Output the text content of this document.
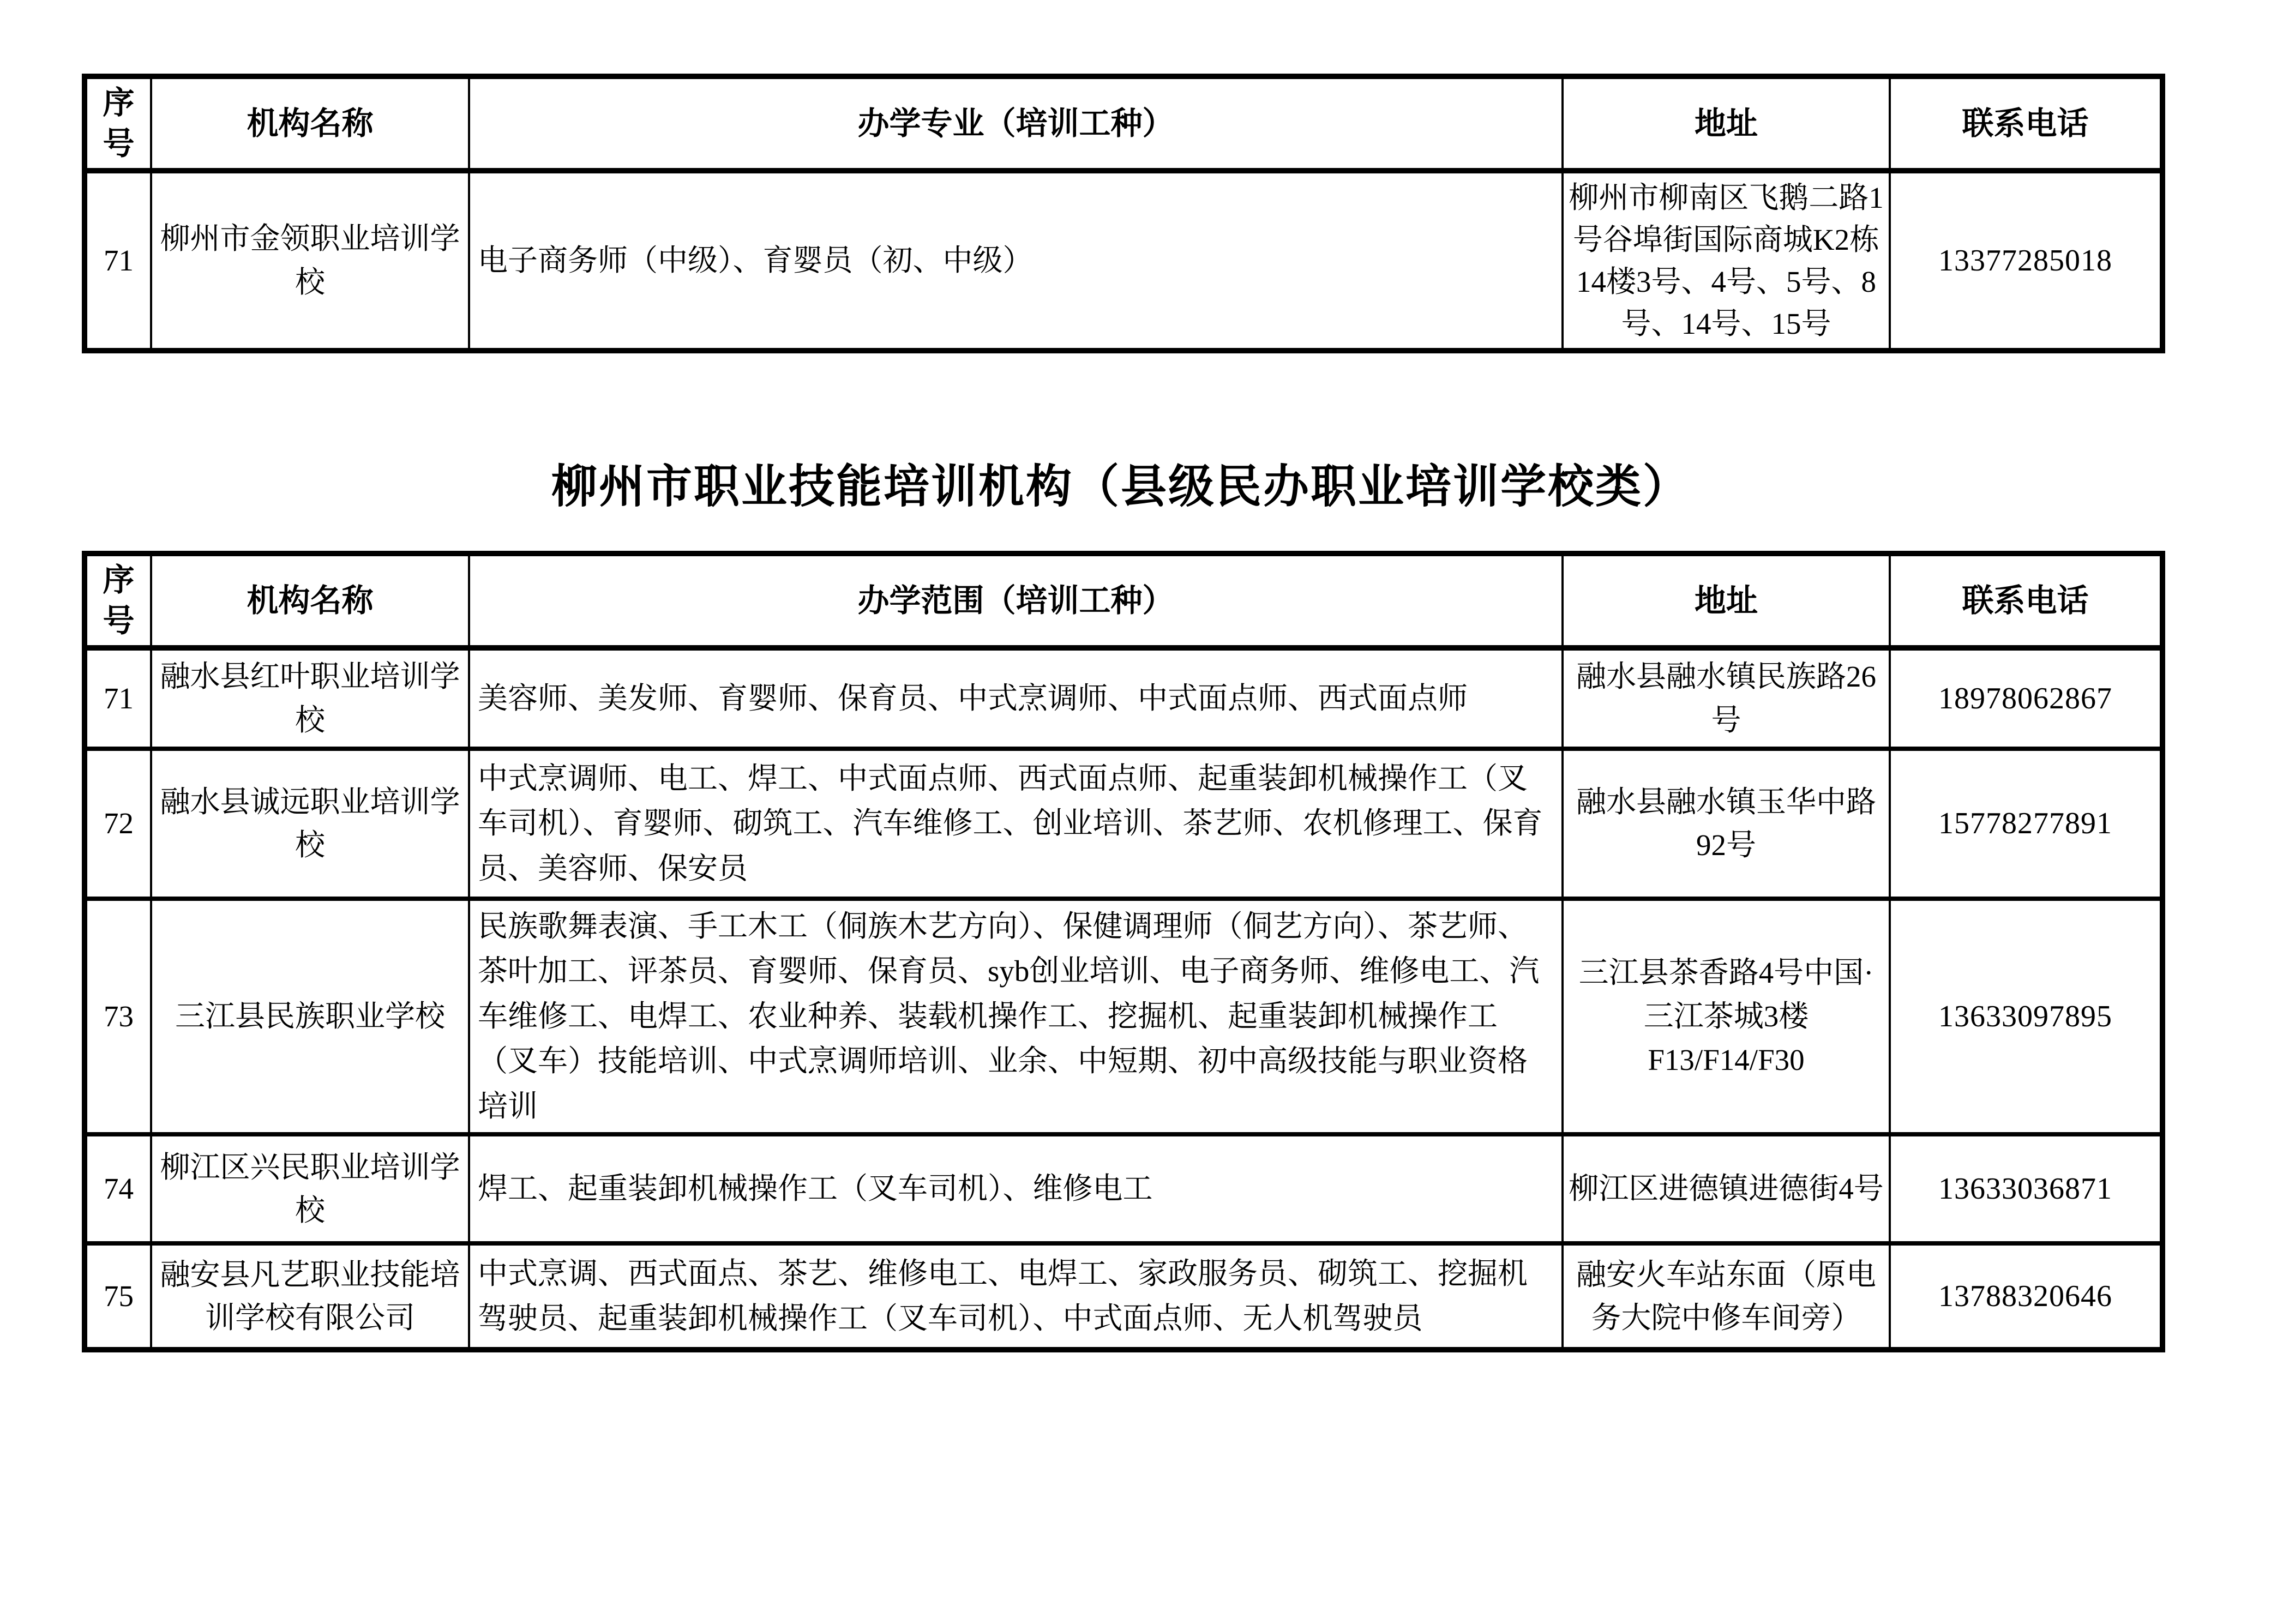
序号	机构名称	办学专业（培训工种）	地址	联系电话
71	柳州市金领职业培训学校	电子商务师（中级）、育婴员（初、中级）	柳州市柳南区飞鹅二路1号谷埠街国际商城K2栋14楼3号、4号、5号、8号、14号、15号	13377285018
柳州市职业技能培训机构（县级民办职业培训学校类）
序号	机构名称	办学范围（培训工种）	地址	联系电话
71	融水县红叶职业培训学校	美容师、美发师、育婴师、保育员、中式烹调师、中式面点师、西式面点师	融水县融水镇民族路26号	18978062867
72	融水县诚远职业培训学校	中式烹调师、电工、焊工、中式面点师、西式面点师、起重装卸机械操作工（叉车司机）、育婴师、砌筑工、汽车维修工、创业培训、茶艺师、农机修理工、保育员、美容师、保安员	融水县融水镇玉华中路92号	15778277891
73	三江县民族职业学校	民族歌舞表演、手工木工（侗族木艺方向）、保健调理师（侗艺方向）、茶艺师、茶叶加工、评茶员、育婴师、保育员、syb创业培训、电子商务师、维修电工、汽车维修工、电焊工、农业种养、装载机操作工、挖掘机、起重装卸机械操作工（叉车）技能培训、中式烹调师培训、业余、中短期、初中高级技能与职业资格培训	三江县茶香路4号中国·三江茶城3楼F13/F14/F30	13633097895
74	柳江区兴民职业培训学校	焊工、起重装卸机械操作工（叉车司机）、维修电工	柳江区进德镇进德街4号	13633036871
75	融安县凡艺职业技能培训学校有限公司	中式烹调、西式面点、茶艺、维修电工、电焊工、家政服务员、砌筑工、挖掘机驾驶员、起重装卸机械操作工（叉车司机）、中式面点师、无人机驾驶员	融安火车站东面（原电务大院中修车间旁）	13788320646
